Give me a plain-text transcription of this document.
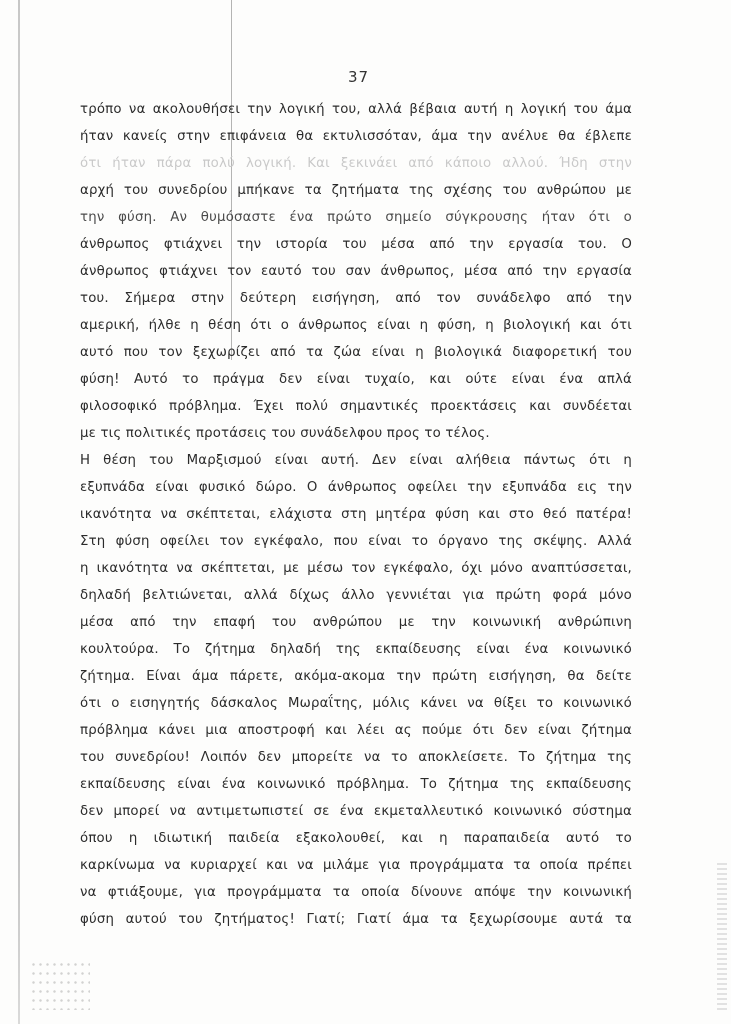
37
τρόπο να ακολουθήσει την λογική του, αλλά βέβαια αυτή η λογική του άμα
ήταν κανείς στην επιφάνεια θα εκτυλισσόταν, άμα την ανέλυε θα έβλεπε
ότι ήταν πάρα πολύ λογική. Και ξεκινάει από κάποιο αλλού. Ήδη στην
αρχή του συνεδρίου μπήκανε τα ζητήματα της σχέσης του ανθρώπου με
την φύση. Αν θυμόσαστε ένα πρώτο σημείο σύγκρουσης ήταν ότι ο
άνθρωπος φτιάχνει την ιστορία του μέσα από την εργασία του. Ο
άνθρωπος φτιάχνει τον εαυτό του σαν άνθρωπος, μέσα από την εργασία
του. Σήμερα στην δεύτερη εισήγηση, από τον συνάδελφο από την
αμερική, ήλθε η θέση ότι ο άνθρωπος είναι η φύση, η βιολογική και ότι
αυτό που τον ξεχωρίζει από τα ζώα είναι η βιολογικά διαφορετική του
φύση! Αυτό το πράγμα δεν είναι τυχαίο, και ούτε είναι ένα απλά
φιλοσοφικό πρόβλημα. Έχει πολύ σημαντικές προεκτάσεις και συνδέεται
με τις πολιτικές προτάσεις του συνάδελφου προς το τέλος.
Η θέση του Μαρξισμού είναι αυτή. Δεν είναι αλήθεια πάντως ότι η
εξυπνάδα είναι φυσικό δώρο. Ο άνθρωπος οφείλει την εξυπνάδα εις την
ικανότητα να σκέπτεται, ελάχιστα στη μητέρα φύση και στο θεό πατέρα!
Στη φύση οφείλει τον εγκέφαλο, που είναι το όργανο της σκέψης. Αλλά
η ικανότητα να σκέπτεται, με μέσω τον εγκέφαλο, όχι μόνο αναπτύσσεται,
δηλαδή βελτιώνεται, αλλά δίχως άλλο γεννιέται για πρώτη φορά μόνο
μέσα από την επαφή του ανθρώπου με την κοινωνική ανθρώπινη
κουλτούρα. Το ζήτημα δηλαδή της εκπαίδευσης είναι ένα κοινωνικό
ζήτημα. Είναι άμα πάρετε, ακόμα-ακομα την πρώτη εισήγηση, θα δείτε
ότι ο εισηγητής δάσκαλος Μωραΐτης, μόλις κάνει να θίξει το κοινωνικό
πρόβλημα κάνει μια αποστροφή και λέει ας πούμε ότι δεν είναι ζήτημα
του συνεδρίου! Λοιπόν δεν μπορείτε να το αποκλείσετε. Το ζήτημα της
εκπαίδευσης είναι ένα κοινωνικό πρόβλημα. Το ζήτημα της εκπαίδευσης
δεν μπορεί να αντιμετωπιστεί σε ένα εκμεταλλευτικό κοινωνικό σύστημα
όπου η ιδιωτική παιδεία εξακολουθεί, και η παραπαιδεία αυτό το
καρκίνωμα να κυριαρχεί και να μιλάμε για προγράμματα τα οποία πρέπει
να φτιάξουμε, για προγράμματα τα οποία δίνουνε απόψε την κοινωνική
φύση αυτού του ζητήματος! Γιατί; Γιατί άμα τα ξεχωρίσουμε αυτά τα
